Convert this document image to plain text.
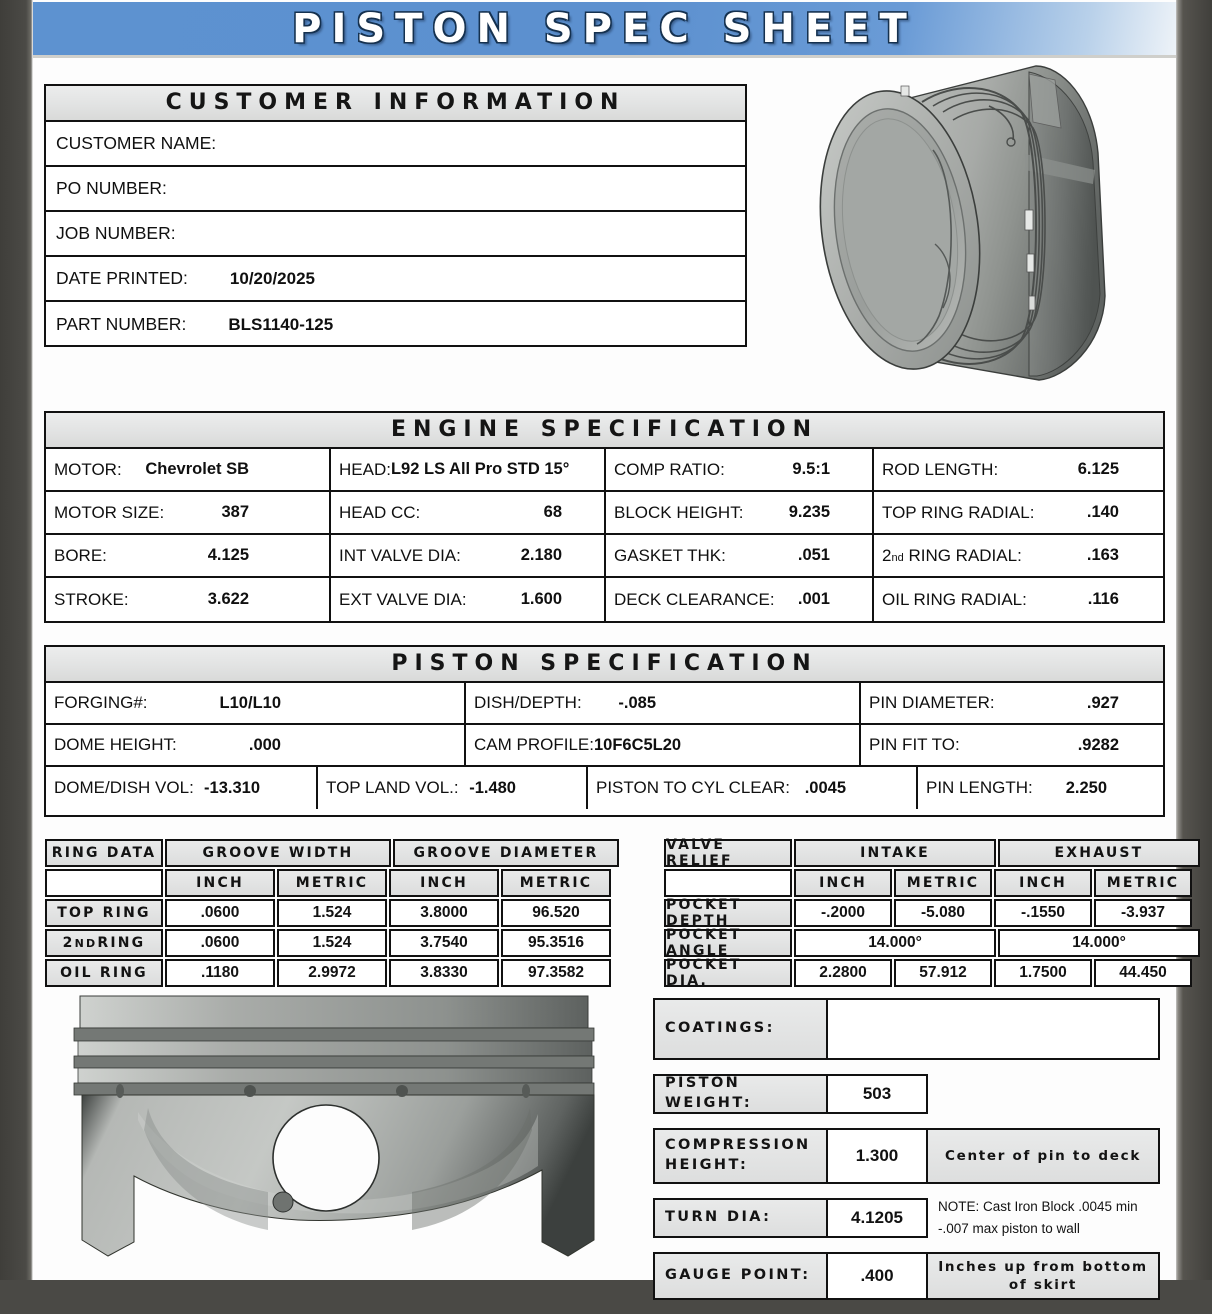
PISTON SPEC SHEET
CUSTOMER INFORMATION
CUSTOMER NAME:
PO NUMBER:
JOB NUMBER:
DATE PRINTED: 10/20/2025
PART NUMBER: BLS1140-125
ENGINE SPECIFICATION
MOTOR: Chevrolet SB	HEAD: L92 LS All Pro STD 15°	COMP RATIO:	9.5:1	ROD LENGTH:	6.125
MOTOR SIZE:	387	HEAD CC:	68	BLOCK HEIGHT:	9.235	TOP RING RADIAL:	.140
BORE:	4.125	INT VALVE DIA:	2.180	GASKET THK:	.051	2nd RING RADIAL:	.163
STROKE:	3.622	EXT VALVE DIA:	1.600	DECK CLEARANCE: .001	OIL RING RADIAL:	.116
PISTON SPECIFICATION
FORGING#:	L10/L10	DISH/DEPTH: -.085	PIN DIAMETER:	.927
DOME HEIGHT:	.000	CAM PROFILE: 10F6C5L20	PIN FIT TO:	.9282
DOME/DISH VOL: -13.310	TOP LAND VOL.: -1.480	PISTON TO CYL CLEAR: .0045	PIN LENGTH: 2.250
RING DATA	GROOVE WIDTH	GROOVE DIAMETER
INCH	METRIC	INCH	METRIC
TOP RING	.0600	1.524	3.8000	96.520
2 ND RING	.0600	1.524	3.7540	95.3516
OIL RING	.1180	2.9972	3.8330	97.3582
VALVE RELIEF	INTAKE	EXHAUST
INCH	METRIC	INCH	METRIC
POCKET DEPTH	-.2000	-5.080	-.1550	-3.937
POCKET ANGLE	14.000°	14.000°
POCKET DIA.	2.2800	57.912	1.7500	44.450
COATINGS:
PISTON WEIGHT:	503
COMPRESSION HEIGHT:	1.300	Center of pin to deck
TURN DIA:	4.1205
NOTE: Cast Iron Block .0045 min -.007 max piston to wall
GAUGE POINT:	.400	Inches up from bottom of skirt
